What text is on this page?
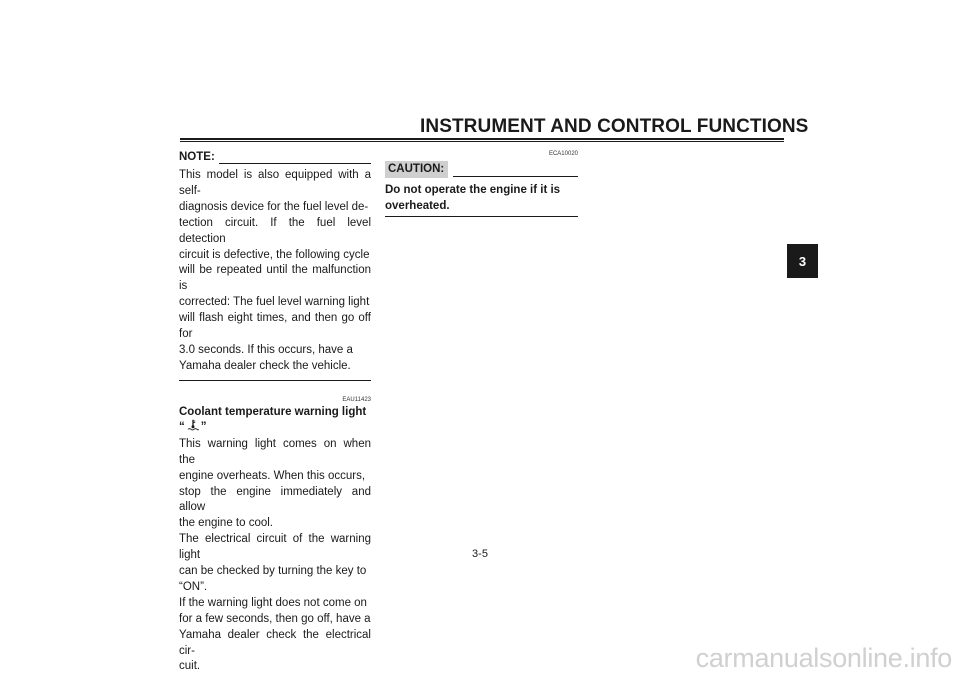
INSTRUMENT AND CONTROL FUNCTIONS
3
NOTE:

This model is also equipped with a self-

diagnosis device for the fuel level de-

tection circuit. If the fuel level detection

circuit is defective, the following cycle

will be repeated until the malfunction is

corrected: The fuel level warning light

will flash eight times, and then go off for

3.0 seconds. If this occurs, have a

Yamaha dealer check the vehicle.

EAU11423
Coolant temperature warning light
“ ”

This warning light comes on when the

engine overheats. When this occurs,

stop the engine immediately and allow

the engine to cool.

The electrical circuit of the warning light

can be checked by turning the key to

“ON”.

If the warning light does not come on

for a few seconds, then go off, have a

Yamaha dealer check the electrical cir-

cuit.

ECA10020
CAUTION:

Do not operate the engine if it is

overheated.

3-5
carmanualsonline.info
